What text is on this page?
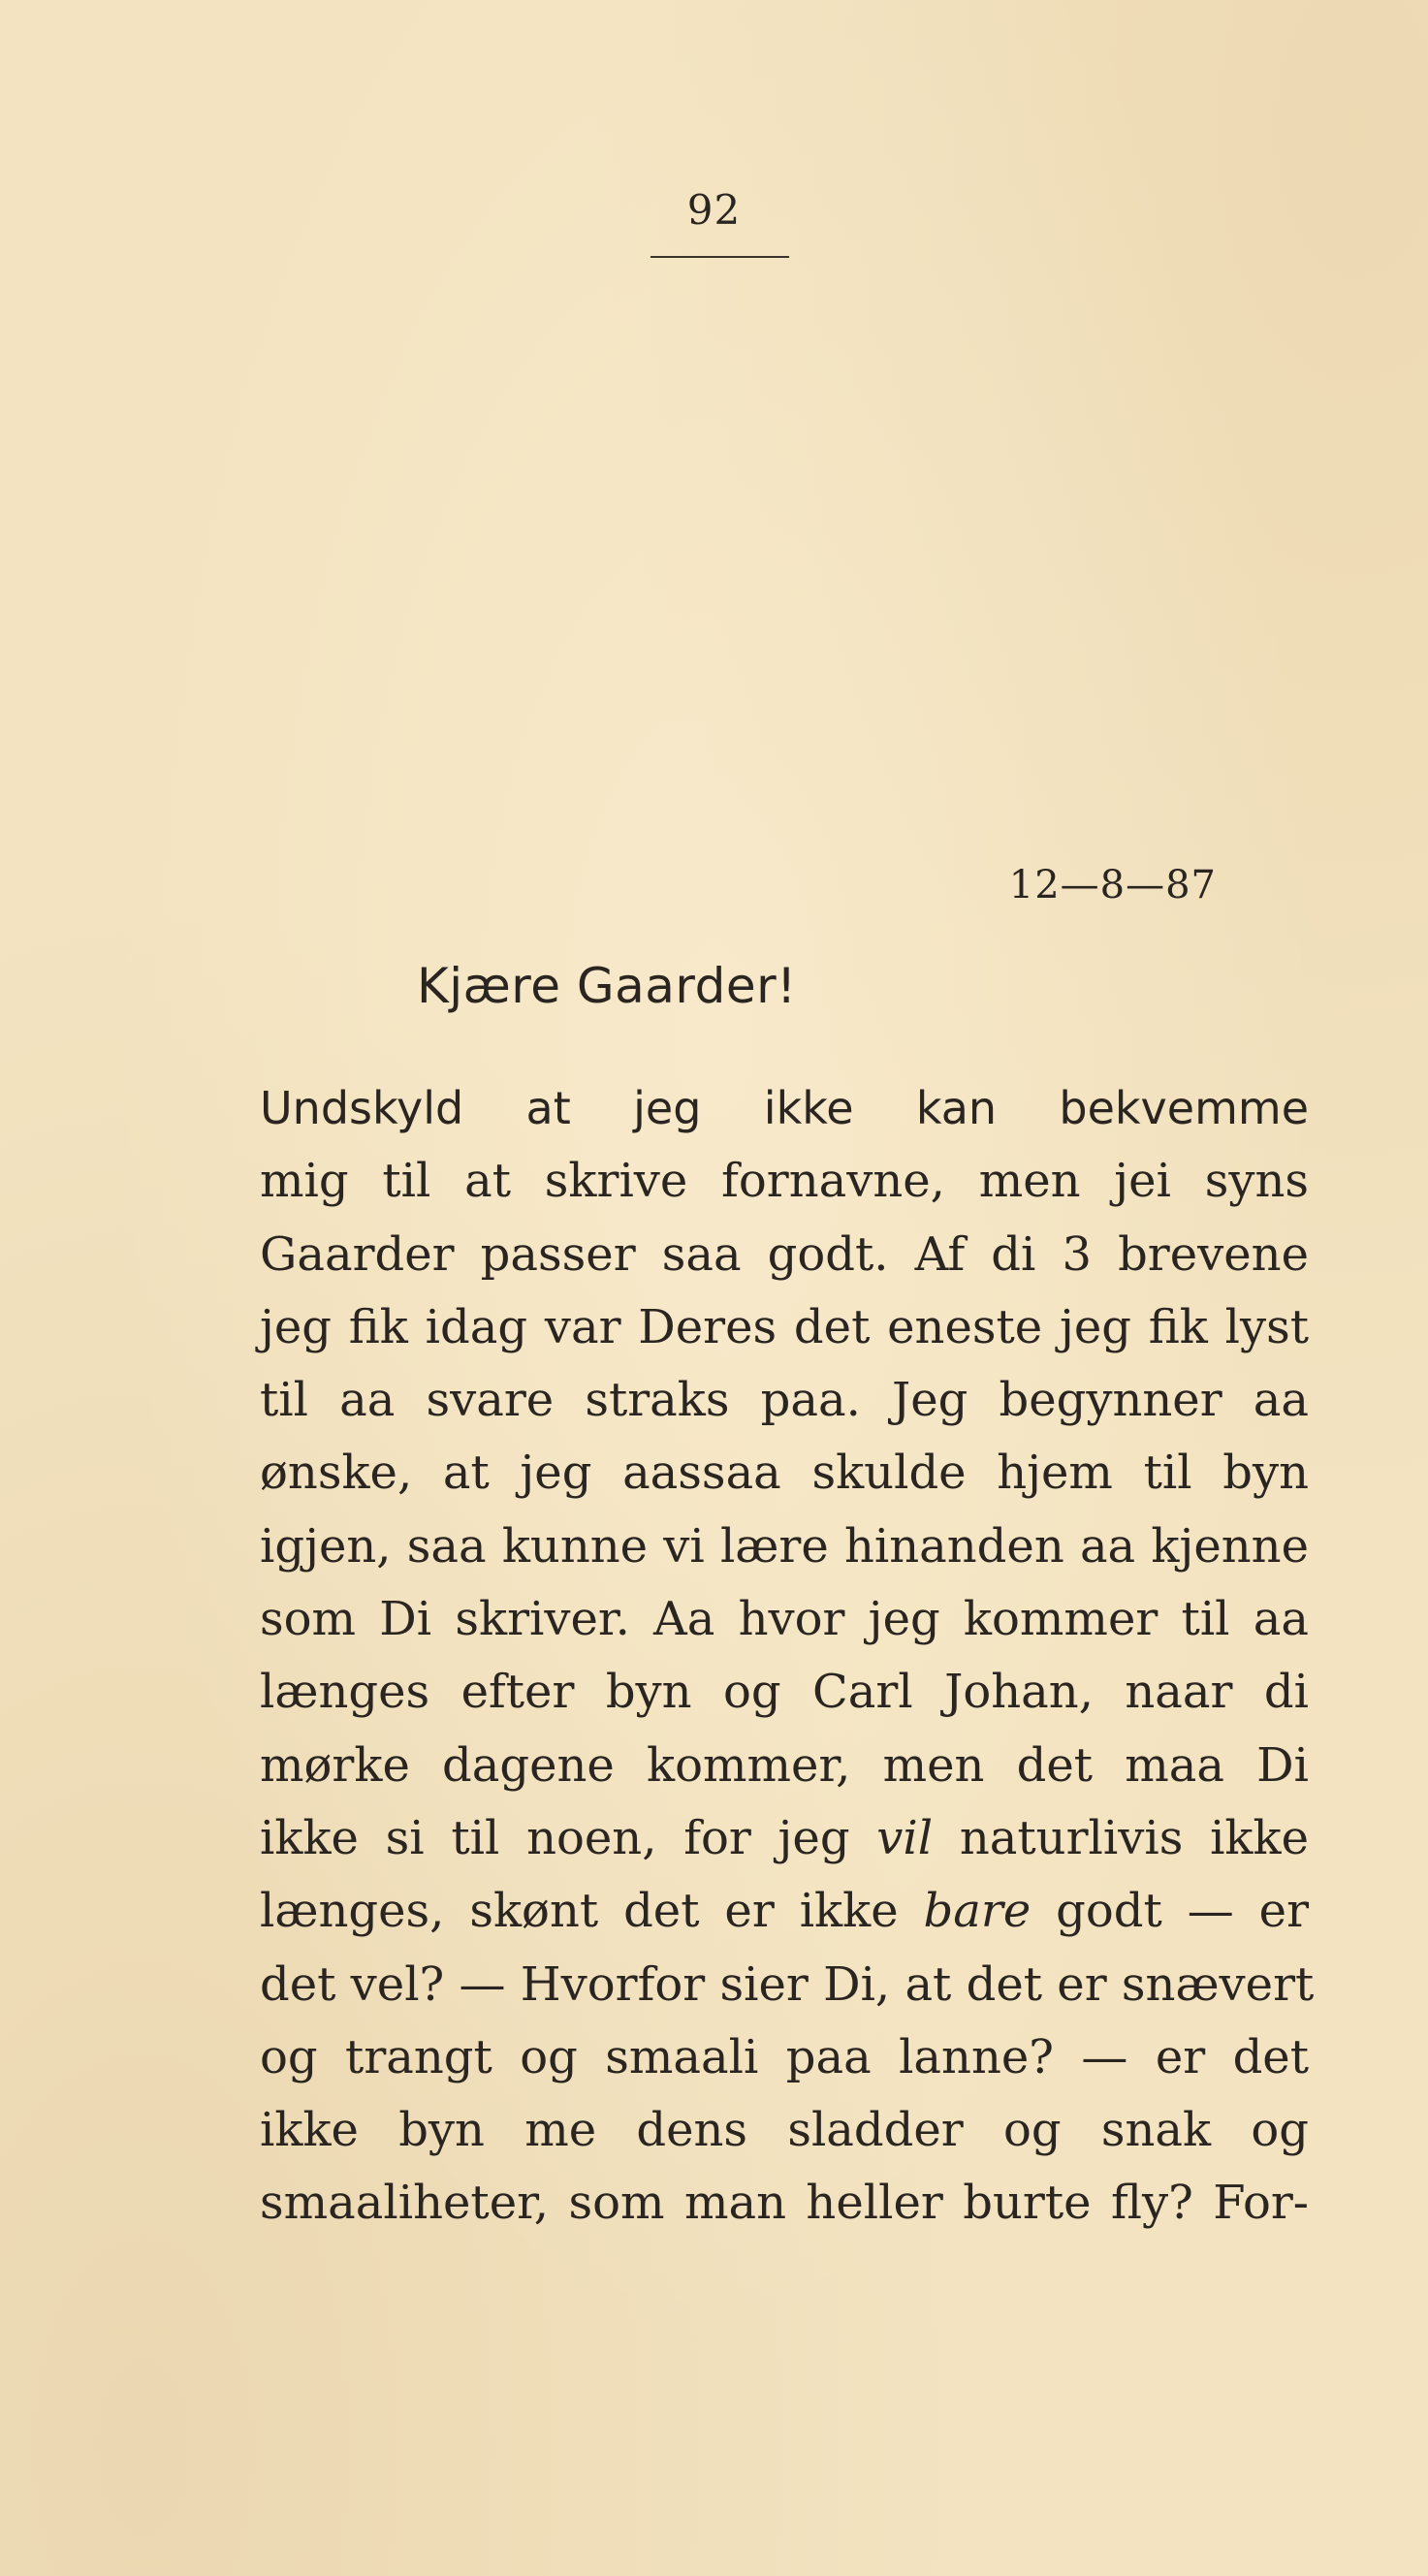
92
12—8—87
Kjære Gaarder!
Undskyld at jeg ikke kan bekvemme
mig til at skrive fornavne, men jei syns
Gaarder passer saa godt. Af di 3 brevene
jeg fik idag var Deres det eneste jeg fik lyst
til aa svare straks paa. Jeg begynner aa
ønske, at jeg aassaa skulde hjem til byn
igjen, saa kunne vi lære hinanden aa kjenne
som Di skriver. Aa hvor jeg kommer til aa
længes efter byn og Carl Johan, naar di
mørke dagene kommer, men det maa Di
ikke si til noen, for jeg vil naturlivis ikke
længes, skønt det er ikke bare godt — er
det vel? — Hvorfor sier Di, at det er snævert
og trangt og smaali paa lanne? — er det
ikke byn me dens sladder og snak og
smaaliheter, som man heller burte fly? For-
